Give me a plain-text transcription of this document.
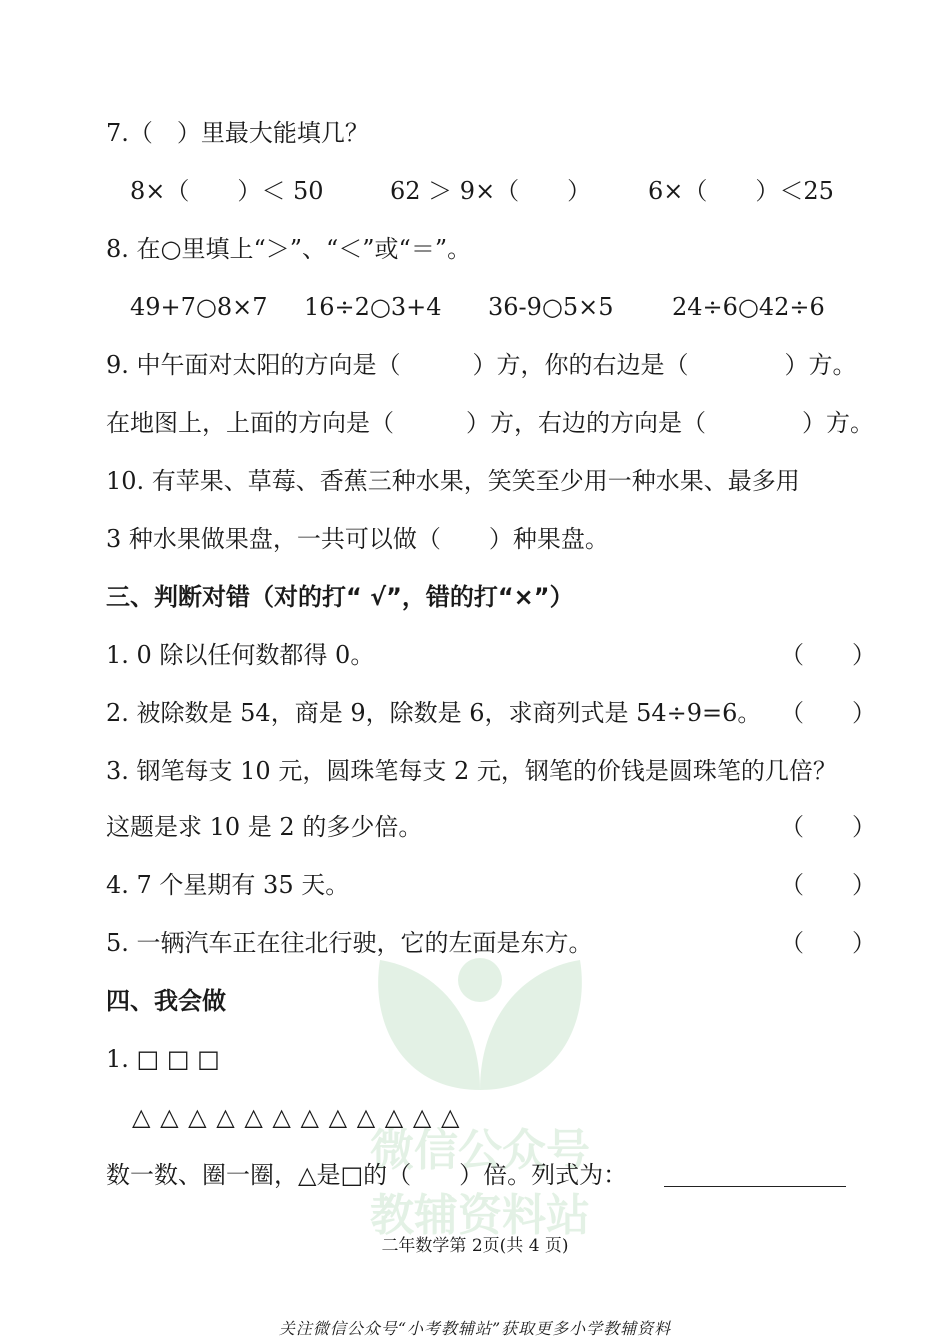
微信公众号
教辅资料站
7.（　）里最大能填几？
8×（　　）＜ 50	62 ＞ 9×（　　） 6×（　　）＜25
8. 在○里填上“＞”、“＜”或“＝”。
49+7○8×7 16÷2○3+4 36-9○5×5 24÷6○42÷6
9. 中午面对太阳的方向是（　　　）方，你的右边是（　　　　）方。
在地图上，上面的方向是（　　　）方，右边的方向是（　　　　）方。
10. 有苹果、草莓、香蕉三种水果，笑笑至少用一种水果、最多用
3 种水果做果盘，一共可以做（　　）种果盘。
三、判断对错（对的打“ √”，错的打“×”）
1. 0 除以任何数都得 0。	（　　）
2. 被除数是 54，商是 9，除数是 6，求商列式是 54÷9=6。 （　　）
3. 钢笔每支 10 元，圆珠笔每支 2 元，钢笔的价钱是圆珠笔的几倍？
这题是求 10 是 2 的多少倍。	（　　）
4. 7 个星期有 35 天。	（　　）
5. 一辆汽车正在往北行驶，它的左面是东方。	（　　）
四、我会做
1. □ □ □
△ △ △ △ △ △ △ △ △ △ △ △
数一数、圈一圈，△是□的（　　）倍。列式为：
二年数学第 2页(共 4 页)
关注微信公众号“小考教辅站”获取更多小学教辅资料
